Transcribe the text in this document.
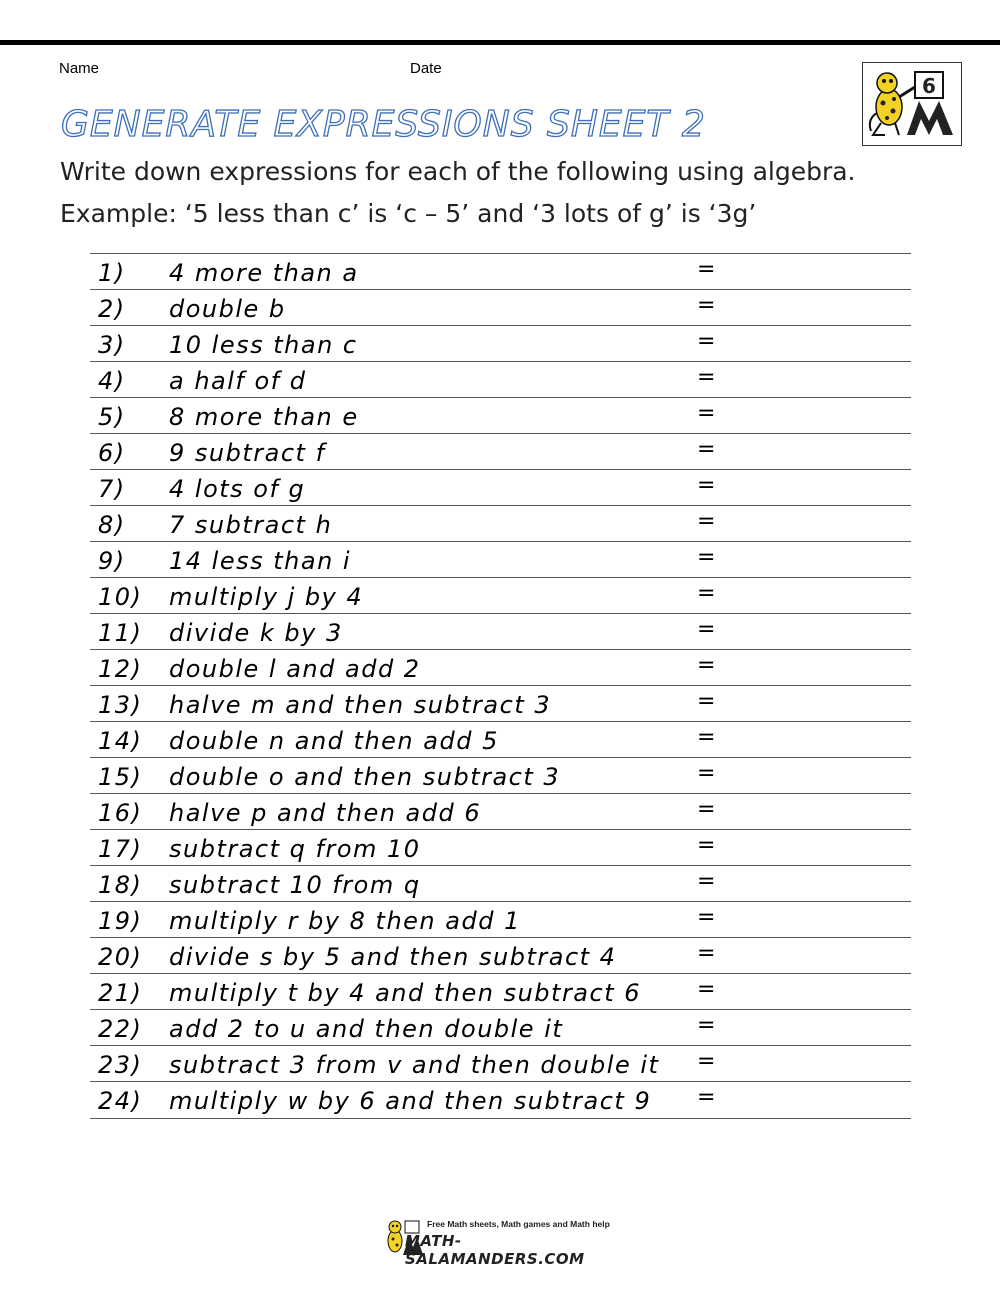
Name	Date
6
GENERATE EXPRESSIONS SHEET 2
Write down expressions for each of the following using algebra.
Example: ‘5 less than c’ is ‘c – 5’ and ‘3 lots of g’ is ‘3g’
1) 4 more than a	=
2) double b	=
3) 10 less than c	=
4) a half of d	=
5) 8 more than e	=
6) 9 subtract f	=
7) 4 lots of g	=
8) 7 subtract h	=
9) 14 less than i	=
10) multiply j by 4	=
11) divide k by 3	=
12) double l and add 2	=
13) halve m and then subtract 3	=
14) double n and then add 5	=
15) double o and then subtract 3	=
16) halve p and then add 6	=
17) subtract q from 10	=
18) subtract 10 from q	=
19) multiply r by 8 then add 1	=
20) divide s by 5 and then subtract 4	=
21) multiply t by 4 and then subtract 6	=
22) add 2 to u and then double it	=
23) subtract 3 from v and then double it =
24) multiply w by 6 and then subtract 9 =
Free Math sheets, Math games and Math help
MATH-SALAMANDERS.COM
